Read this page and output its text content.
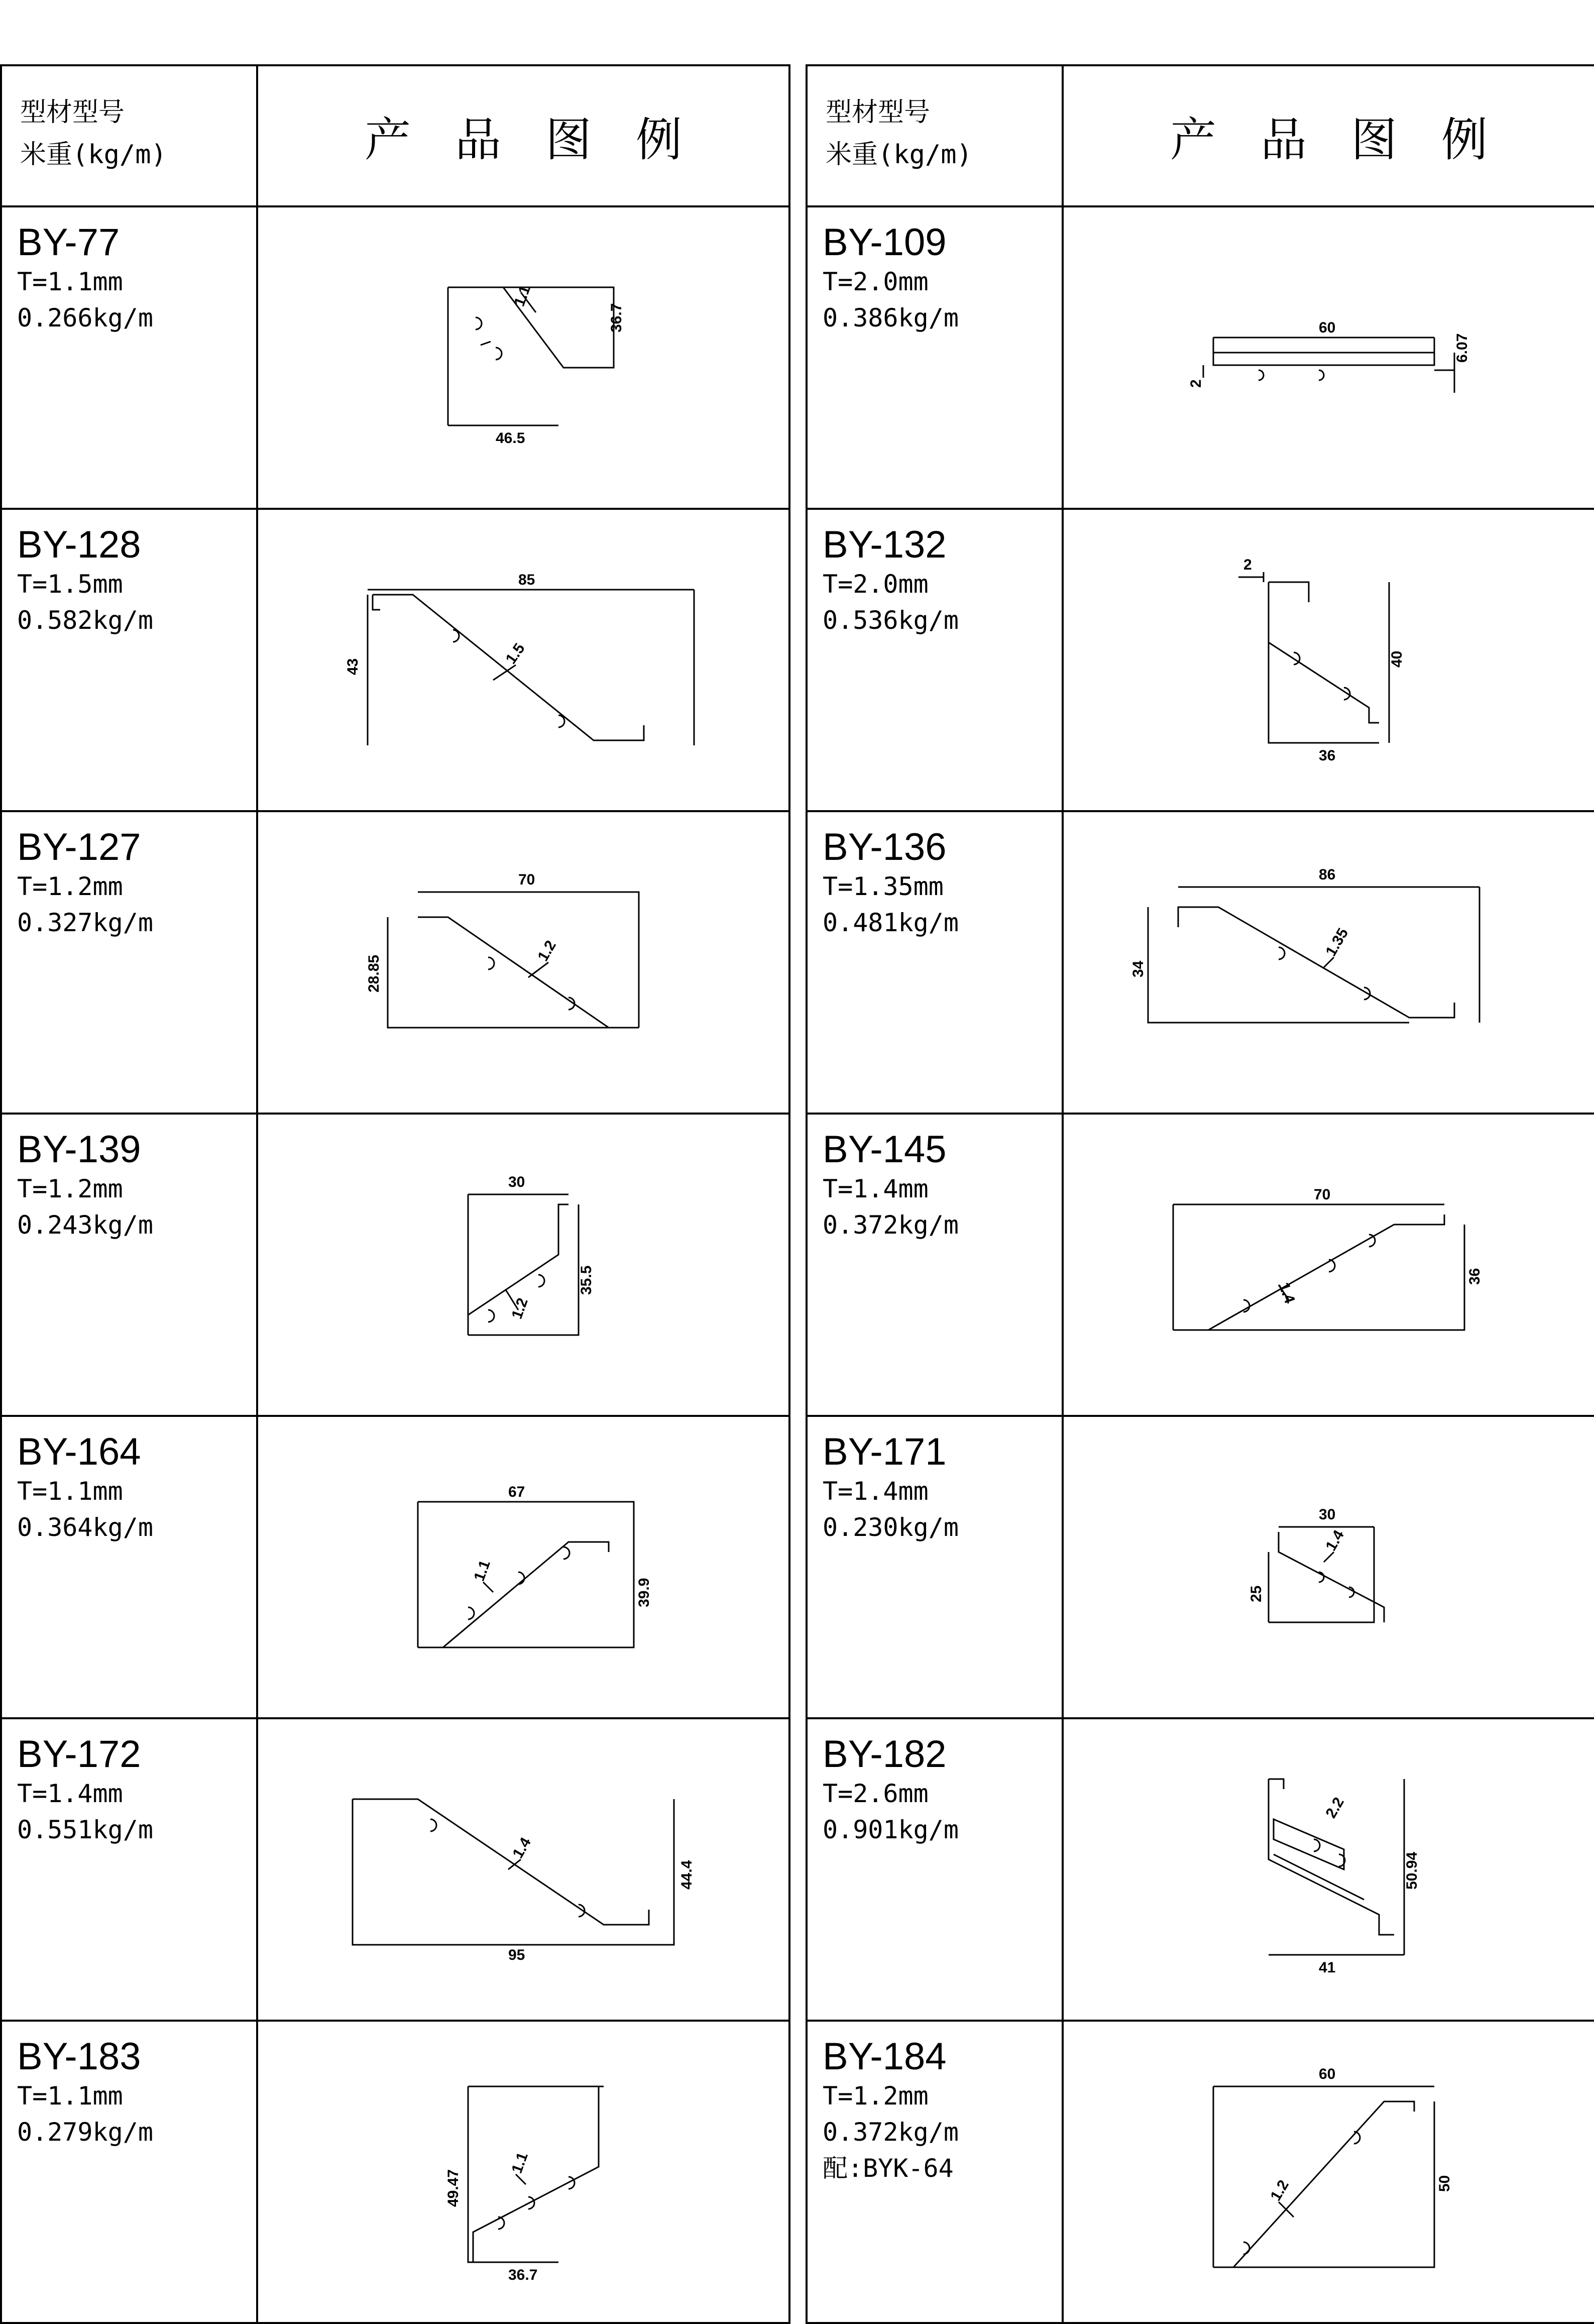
型材型号
米重(kg/m)	产品图例

BY-77
T=1.1mm
0.266kg/m	36.7
46.5
1.1

BY-128
T=1.5mm
0.582kg/m	85
43 1.5

BY-127
T=1.2mm
0.327kg/m	70
28.85
1.2

BY-139
T=1.2mm
0.243kg/m	30
35.5
1.2

BY-164
T=1.1mm
0.364kg/m	67
39.9
1.1

BY-172
T=1.4mm
0.551kg/m	95
44.4
1.4

BY-183
T=1.1mm
0.279kg/m	49.47
36.7
1.1
型材型号
米重(kg/m)	产品图例

BY-109
T=2.0mm
0.386kg/m	60
6.07
2

BY-132
T=2.0mm
0.536kg/m	2
40
36

BY-136
T=1.35mm
0.481kg/m	86
34
1.35

BY-145
T=1.4mm
0.372kg/m	70
36
1.4

BY-171
T=1.4mm
0.230kg/m	30
25
1.4

BY-182
T=2.6mm
0.901kg/m	2.2
50.94
41

BY-184
T=1.2mm
0.372kg/m
配:BYK-64	60
50
1.2
